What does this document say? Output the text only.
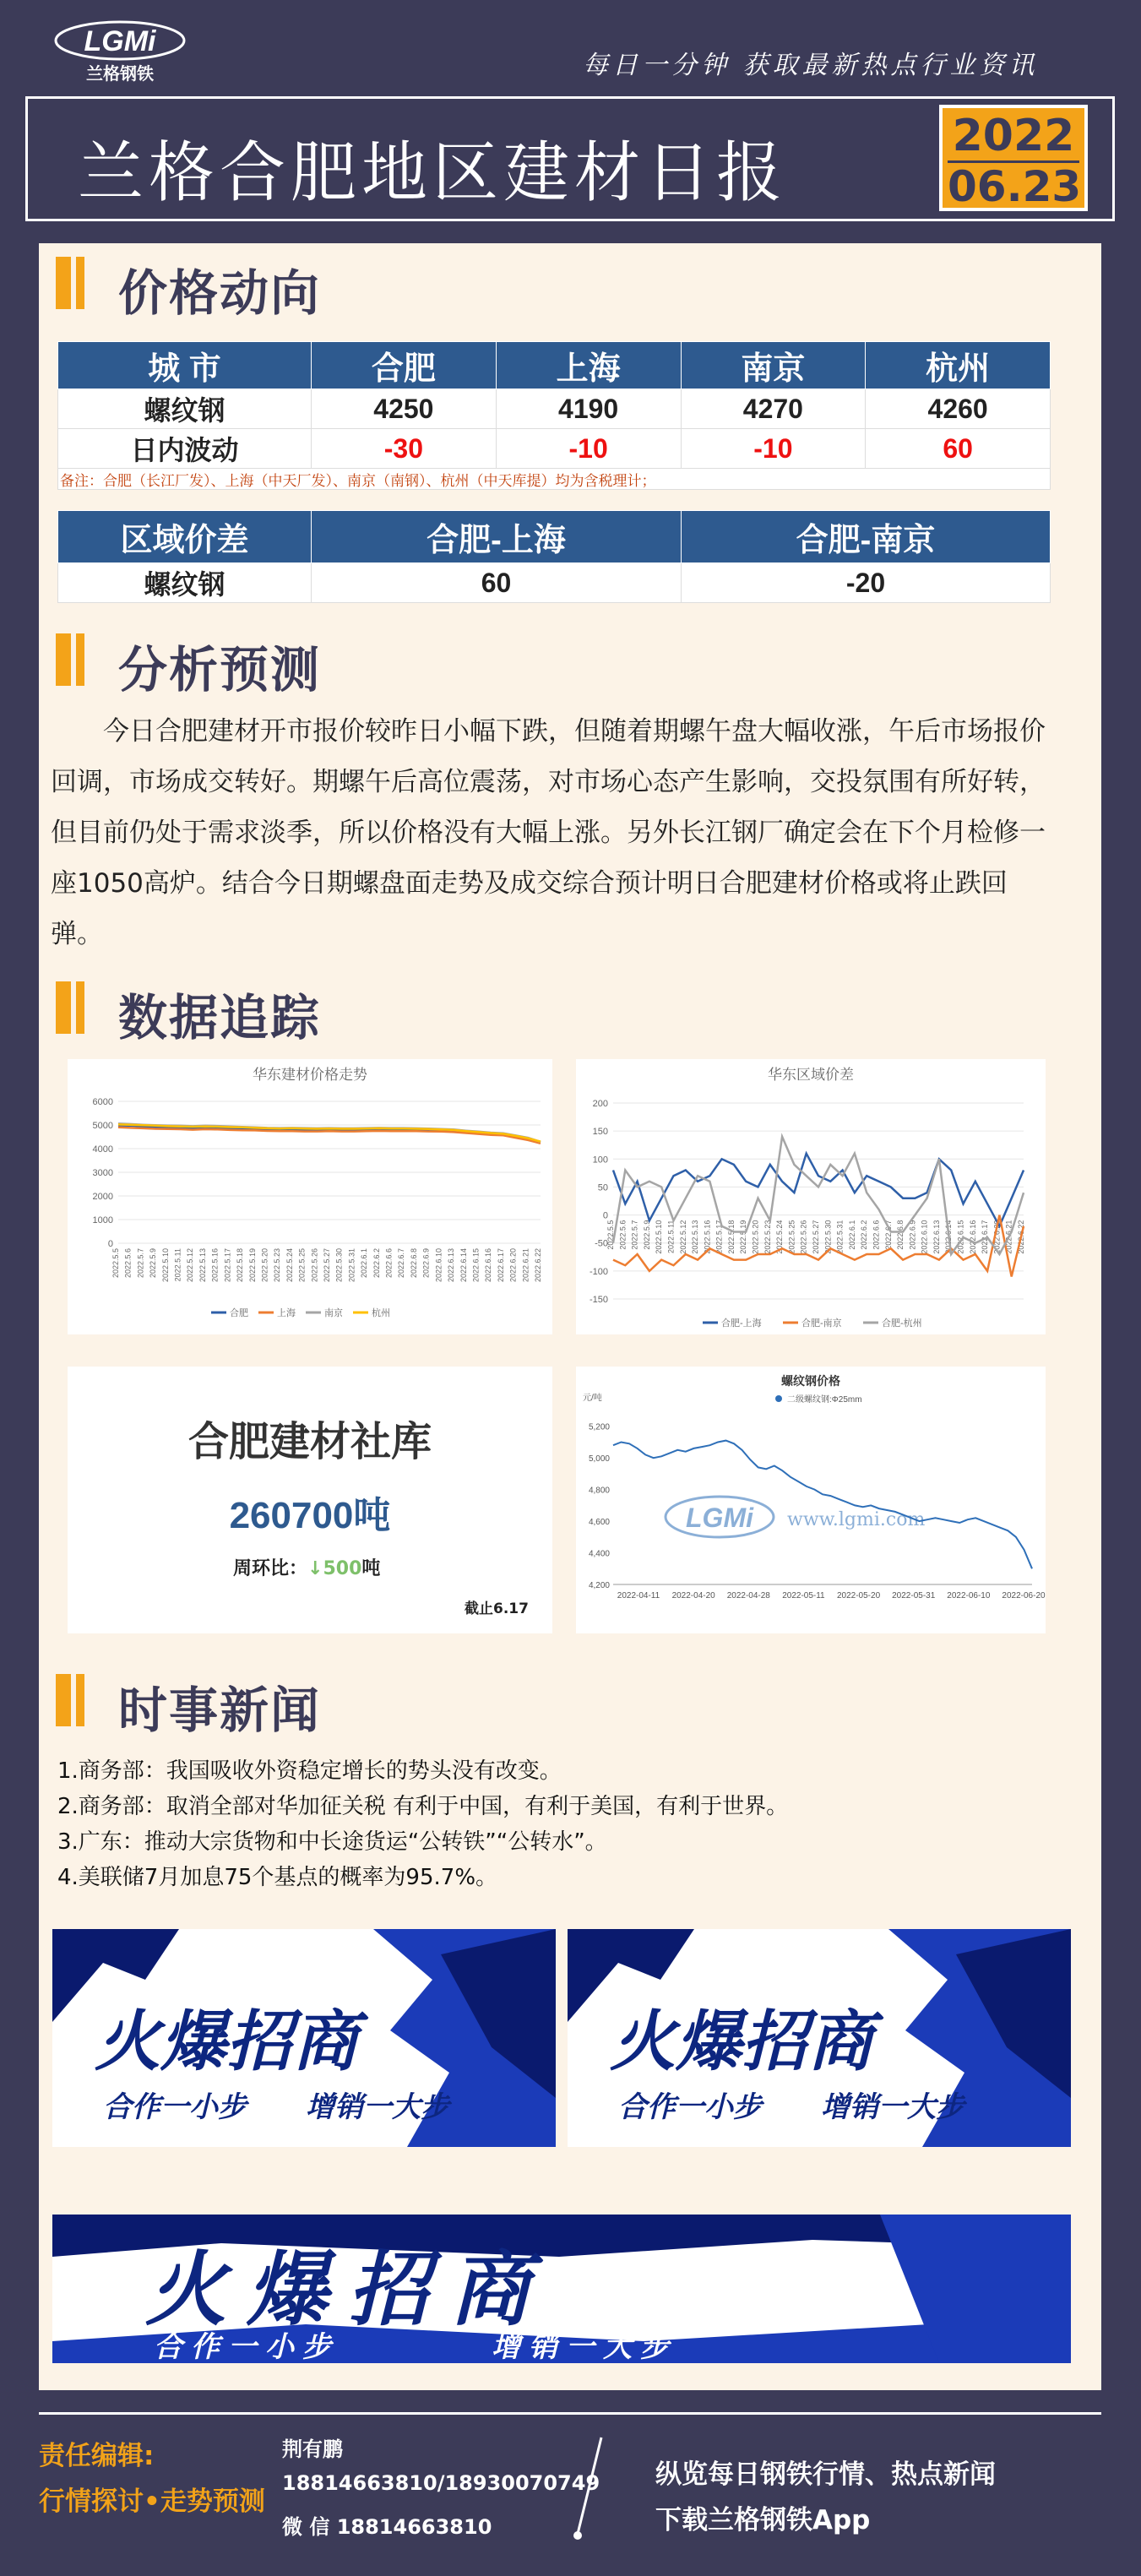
LGMi
兰格钢铁	每日一分钟 获取最新热点行业资讯
兰格合肥地区建材日报	2022
06.23
价格动向
城 市	合肥	上海	南京	杭州
螺纹钢	4250	4190	4270	4260
日内波动	-30	-10	-10	60
备注：合肥（长江厂发）、上海（中天厂发）、南京（南钢）、杭州（中天库提）均为含税理计；
区域价差	合肥-上海	合肥-南京
螺纹钢	60	-20
分析预测
今日合肥建材开市报价较昨日小幅下跌，但随着期螺午盘大幅收涨，午后市场报价回调，市场成交转好。期螺午后高位震荡，对市场心态产生影响，交投氛围有所好转，但目前仍处于需求淡季，所以价格没有大幅上涨。另外长江钢厂确定会在下个月检修一座1050高炉。结合今日期螺盘面走势及成交综合预计明日合肥建材价格或将止跌回弹。
数据追踪
华东建材价格走势
0
1000
2000
3000
4000
5000
6000
2022.5.5 2022.5.6 2022.5.7 2022.5.9 2022.5.10 2022.5.11 2022.5.12 2022.5.13 2022.5.16 2022.5.17 2022.5.18 2022.5.19 2022.5.20 2022.5.23 2022.5.24 2022.5.25 2022.5.26 2022.5.27 2022.5.30 2022.5.31 2022.6.1 2022.6.2 2022.6.6 2022.6.7 2022.6.8 2022.6.9 2022.6.10 2022.6.13 2022.6.14 2022.6.15 2022.6.16 2022.6.17 2022.6.20 2022.6.21 2022.6.22
合肥	上海	南京	杭州
华东区域价差
-150
-100
-50
0
50
100
150
200
2022.5.5 2022.5.6 2022.5.7 2022.5.9 2022.5.10 2022.5.11 2022.5.12 2022.5.13 2022.5.16 2022.5.17 2022.5.18 2022.5.19 2022.5.20 2022.5.23 2022.5.24 2022.5.25 2022.5.26 2022.5.27 2022.5.30 2022.5.31 2022.6.1 2022.6.2 2022.6.6 2022.6.7 2022.6.8 2022.6.9 2022.6.10 2022.6.13 2022.6.14 2022.6.15 2022.6.16 2022.6.17 2022.6.20 2022.6.21 2022.6.22
合肥-上海	合肥-南京	合肥-杭州
合肥建材社库
260700吨
周环比：↓500吨
截止6.17
螺纹钢价格
二级螺纹钢:Φ25mm
元/吨
5,200
5,000
4,800
4,600
4,400
4,200
2022-04-11 2022-04-20 2022-04-28 2022-05-11 2022-05-20 2022-05-31 2022-06-10 2022-06-20
LGMi www.lgmi.com
时事新闻
1.商务部：我国吸收外资稳定增长的势头没有改变。
2.商务部：取消全部对华加征关税 有利于中国，有利于美国，有利于世界。
3.广东：推动大宗货物和中长途货运“公转铁”“公转水”。
4.美联储7月加息75个基点的概率为95.7%。
火爆招商
合作一小步 增销一大步
火爆招商
合作一小步 增销一大步
火爆招商
合作一小步	增销一大步
责任编辑:
行情探讨•走势预测
荆有鹏
18814663810/18930070749
微 信 18814663810
纵览每日钢铁行情、热点新闻
下载兰格钢铁App
